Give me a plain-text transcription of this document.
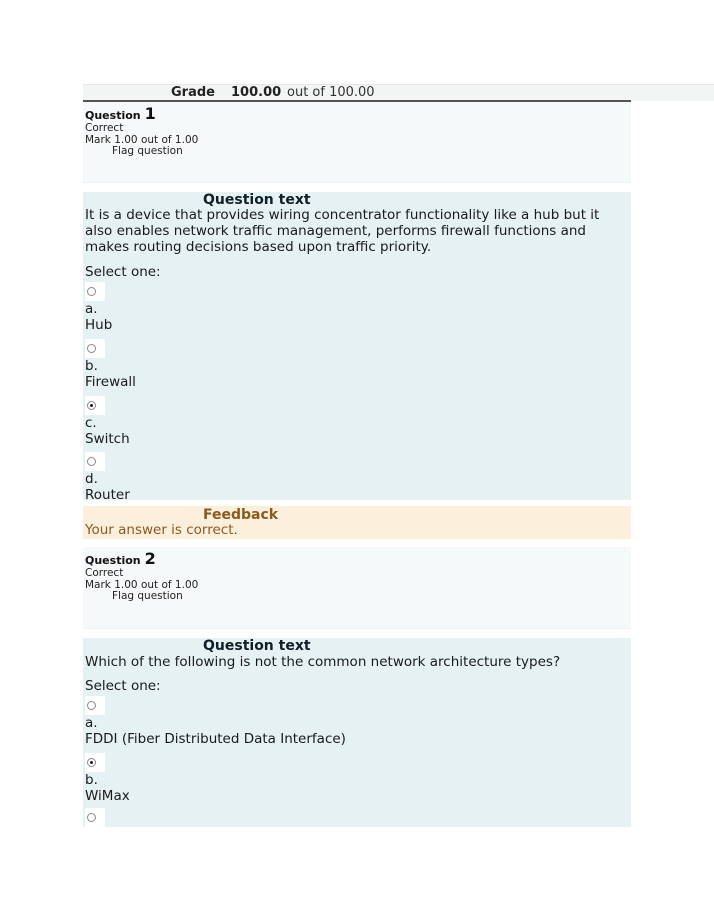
Grade 100.00 out of 100.00
Question 1
Correct
Mark 1.00 out of 1.00
Flag question
Question text
It is a device that provides wiring concentrator functionality like a hub but it also enables network traffic management, performs firewall functions and makes routing decisions based upon traffic priority.
Select one:
a.
Hub
b.
Firewall
c.
Switch
d.
Router
Feedback
Your answer is correct.
Question 2
Correct
Mark 1.00 out of 1.00
Flag question
Question text
Which of the following is not the common network architecture types?
Select one:
a.
FDDI (Fiber Distributed Data Interface)
b.
WiMax
